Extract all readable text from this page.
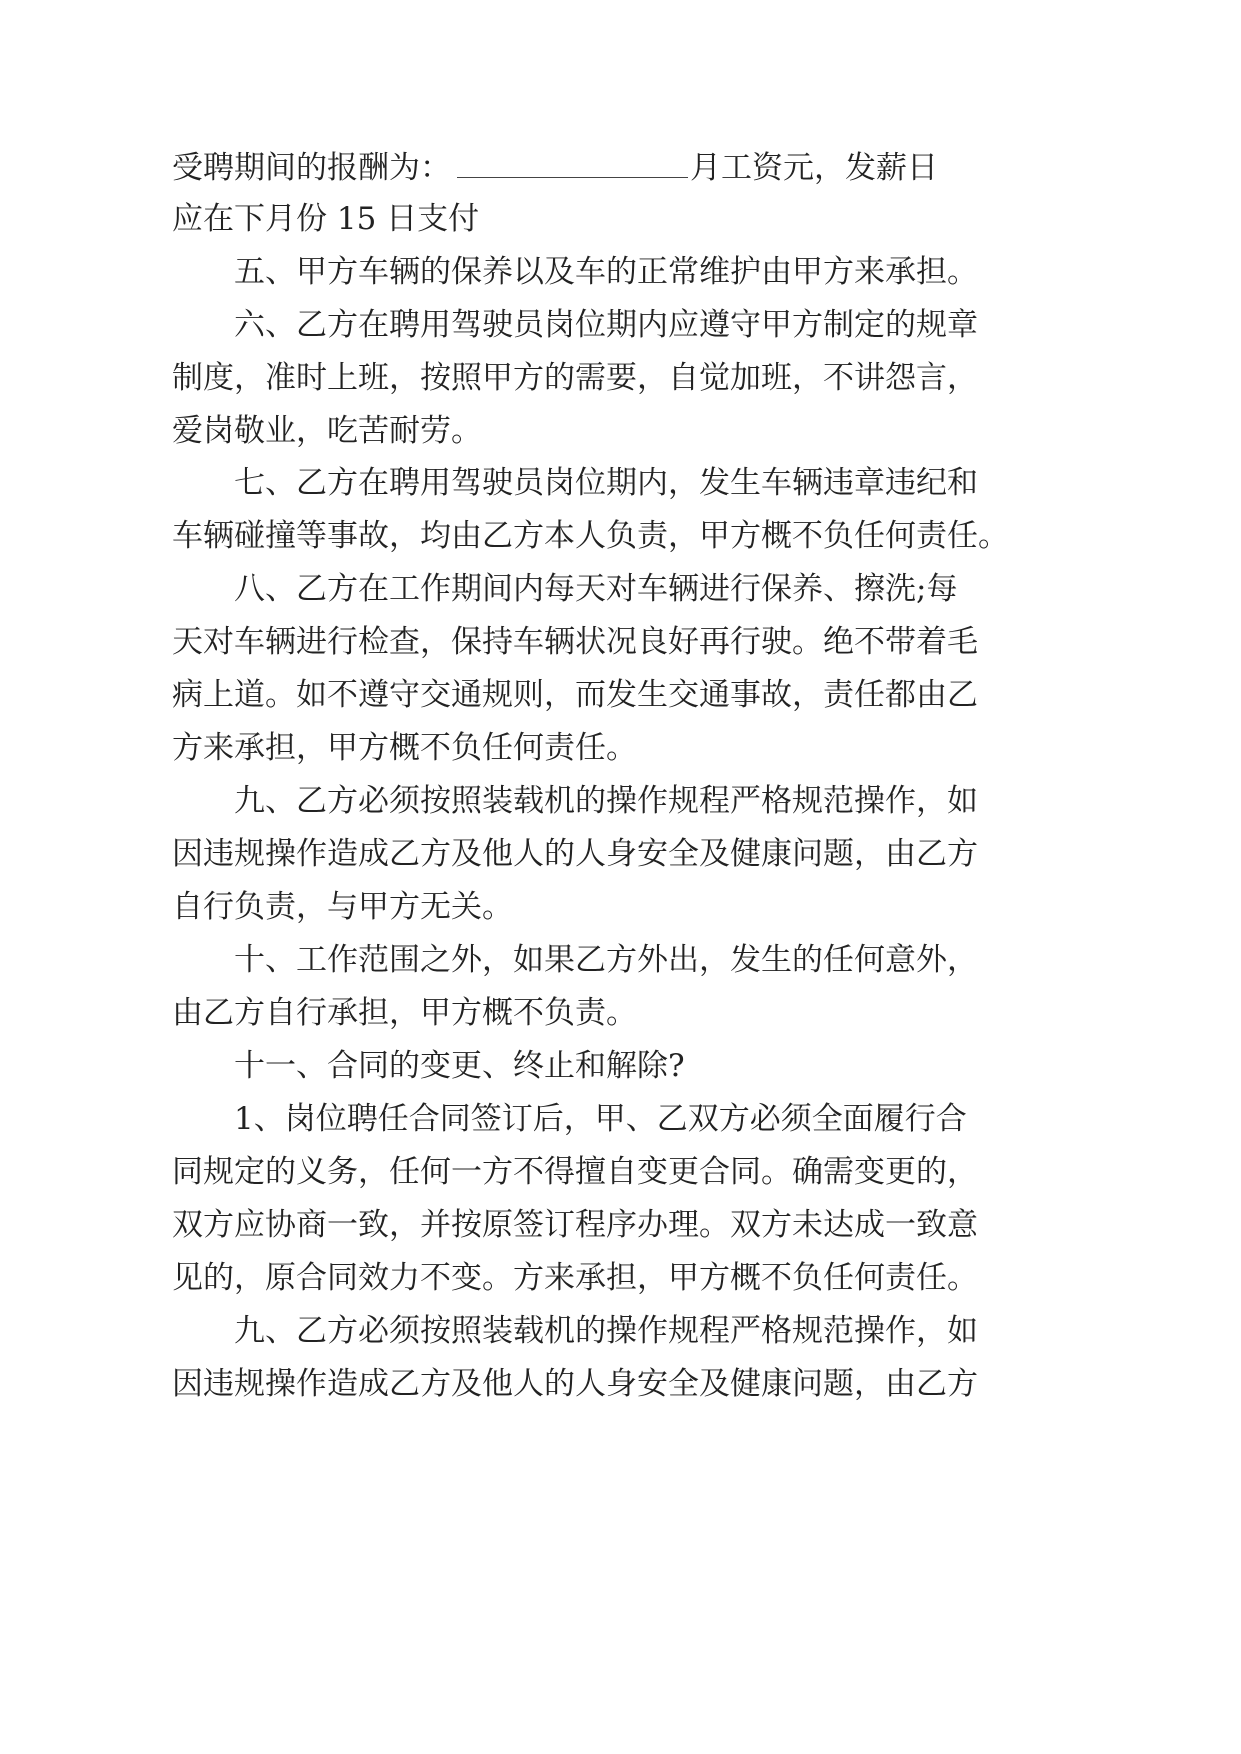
受聘期间的报酬为：	月工资元，发薪日

应在下月份 15 日支付

五、甲方车辆的保养以及车的正常维护由甲方来承担。

六、乙方在聘用驾驶员岗位期内应遵守甲方制定的规章

制度，准时上班，按照甲方的需要，自觉加班，不讲怨言，

爱岗敬业，吃苦耐劳。

七、乙方在聘用驾驶员岗位期内，发生车辆违章违纪和

车辆碰撞等事故，均由乙方本人负责，甲方概不负任何责任。

八、乙方在工作期间内每天对车辆进行保养、擦洗;每

天对车辆进行检查，保持车辆状况良好再行驶。绝不带着毛

病上道。如不遵守交通规则，而发生交通事故，责任都由乙

方来承担，甲方概不负任何责任。

九、乙方必须按照装载机的操作规程严格规范操作，如

因违规操作造成乙方及他人的人身安全及健康问题，由乙方

自行负责，与甲方无关。

十、工作范围之外，如果乙方外出，发生的任何意外，

由乙方自行承担，甲方概不负责。

十一、合同的变更、终止和解除?

1、岗位聘任合同签订后，甲、乙双方必须全面履行合

同规定的义务，任何一方不得擅自变更合同。确需变更的，

双方应协商一致，并按原签订程序办理。双方未达成一致意

见的，原合同效力不变。方来承担，甲方概不负任何责任。

九、乙方必须按照装载机的操作规程严格规范操作，如

因违规操作造成乙方及他人的人身安全及健康问题，由乙方
